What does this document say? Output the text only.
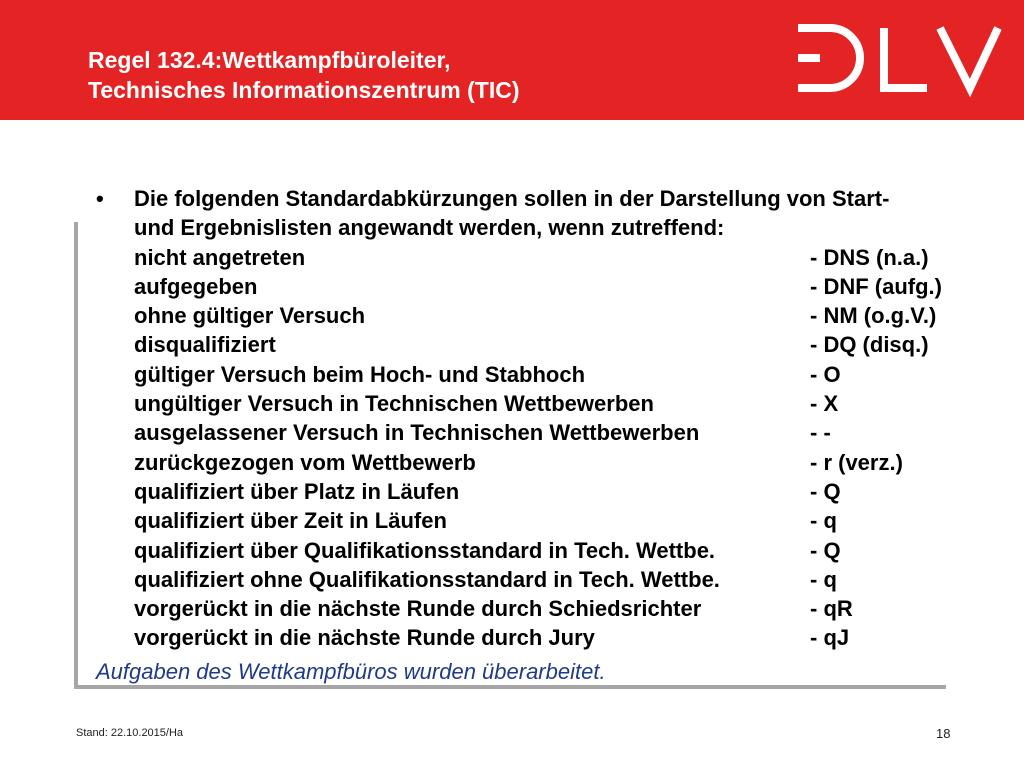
Regel 132.4:Wettkampfbüroleiter,
Technisches Informationszentrum (TIC)
• Die folgenden Standardabkürzungen sollen in der Darstellung von Start-
und Ergebnislisten angewandt werden, wenn zutreffend:
nicht angetreten	- DNS (n.a.)
aufgegeben	- DNF (aufg.)
ohne gültiger Versuch	- NM (o.g.V.)
disqualifiziert	- DQ (disq.)
gültiger Versuch beim Hoch- und Stabhoch	- O
ungültiger Versuch in Technischen Wettbewerben	- X
ausgelassener Versuch in Technischen Wettbewerben	- -
zurückgezogen vom Wettbewerb	- r (verz.)
qualifiziert über Platz in Läufen	- Q
qualifiziert über Zeit in Läufen	- q
qualifiziert über Qualifikationsstandard in Tech. Wettbe.	- Q
qualifiziert ohne Qualifikationsstandard in Tech. Wettbe.	- q
vorgerückt in die nächste Runde durch Schiedsrichter	- qR
vorgerückt in die nächste Runde durch Jury	- qJ
Aufgaben des Wettkampfbüros wurden überarbeitet.
Stand: 22.10.2015/Ha	18
